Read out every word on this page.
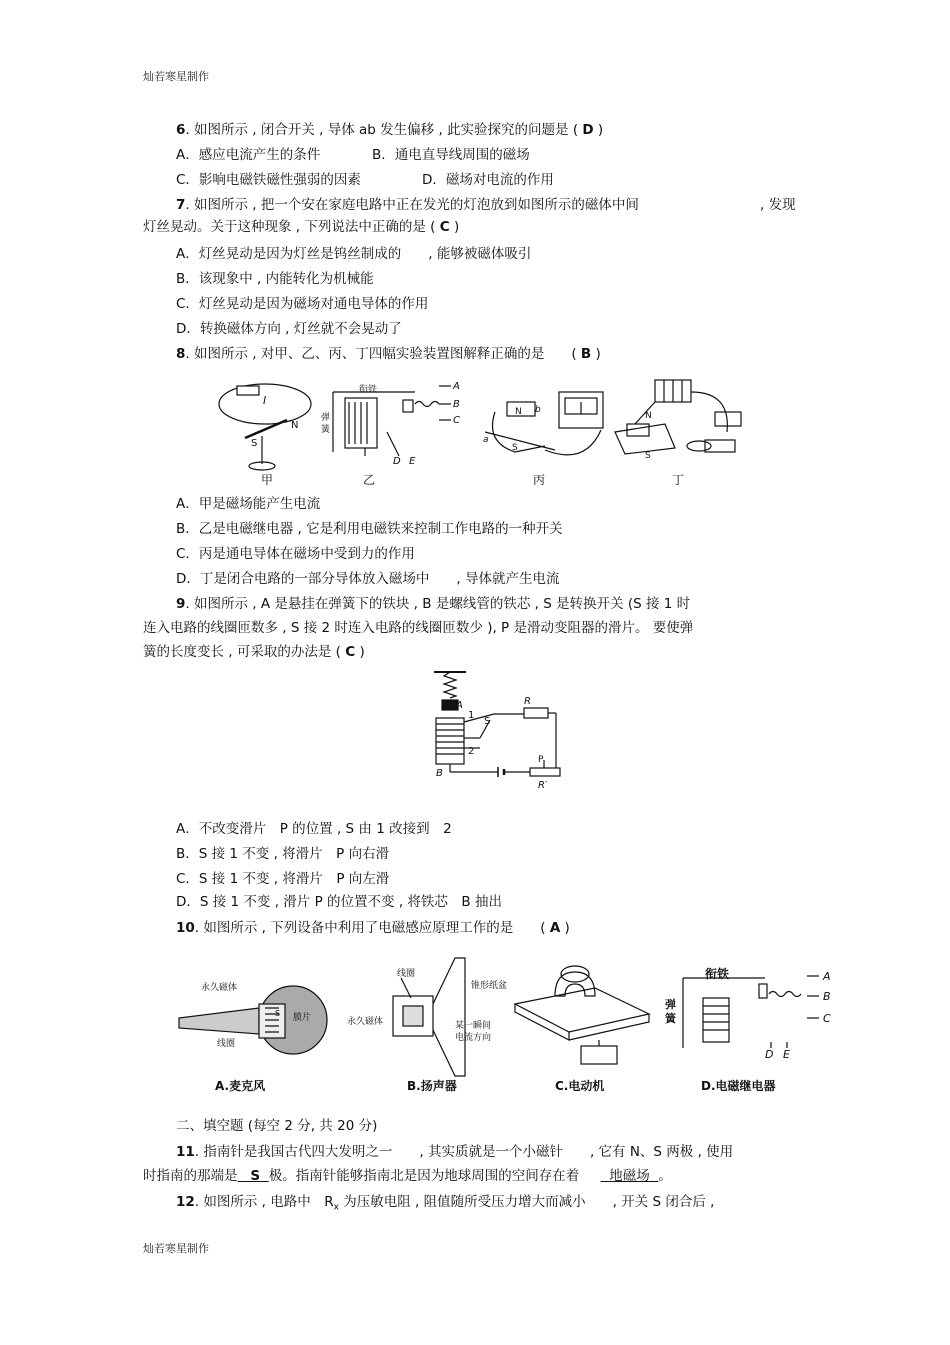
灿若寒星制作
6. 如图所示 , 闭合开关 , 导体 ab 发生偏移 , 此实验探究的问题是 ( D )
A．感应电流产生的条件	B．通电直导线周围的磁场
C．影响电磁铁磁性强弱的因素	D．磁场对电流的作用
7. 如图所示 , 把一个安在家庭电路中正在发光的灯泡放到如图所示的磁体中间	, 发现
灯丝晃动。关于这种现象 , 下列说法中正确的是 ( C )
A．灯丝晃动是因为灯丝是钨丝制成的　　, 能够被磁体吸引
B．该现象中 , 内能转化为机械能
C．灯丝晃动是因为磁场对通电导体的作用
D．转换磁体方向 , 灯丝就不会晃动了
8. 如图所示 , 对甲、乙、丙、丁四幅实验装置图解释正确的是　　( B )
S
N
I
甲
衔铁
弹
簧
A
B
C
D E
乙
N
S
b
a
丙
N
S
丁
A．甲是磁场能产生电流
B．乙是电磁继电器 , 它是利用电磁铁来控制工作电路的一种开关
C．丙是通电导体在磁场中受到力的作用
D．丁是闭合电路的一部分导体放入磁场中　　, 导体就产生电流
9. 如图所示 , A 是悬挂在弹簧下的铁块 , B 是螺线管的铁芯 , S 是转换开关 (S 接 1 时
连入电路的线圈匝数多 , S 接 2 时连入电路的线圈匝数少 ), P 是滑动变阻器的滑片。 要使弹
簧的长度变长 , 可采取的办法是 ( C )
A
1
S
2
R
P
B
R′
A．不改变滑片　P 的位置 , S 由 1 改接到　2
B．S 接 1 不变 , 将滑片　P 向右滑
C．S 接 1 不变 , 将滑片　P 向左滑
D．S 接 1 不变 , 滑片 P 的位置不变 , 将铁芯　B 抽出
10. 如图所示 , 下列设备中利用了电磁感应原理工作的是　　( A )
永久磁体
S 膜片
线圈
A.麦克风
线圈
锥形纸盆
永久磁体	某一瞬间
电流方向
B.扬声器	C.电动机
衔铁
弹
簧
A
B
C
D E
D.电磁继电器
二、填空题 (每空 2 分, 共 20 分)
11. 指南针是我国古代四大发明之一　　, 其实质就是一个小磁针　　, 它有 N、S 两极 , 使用
时指南的那端是 S 极。指南针能够指南北是因为地球周围的空间存在着 地磁场 。
12. 如图所示 , 电路中　$R_x$ 为压敏电阻 , 阻值随所受压力增大而减小　　, 开关 S 闭合后 ,
灿若寒星制作
